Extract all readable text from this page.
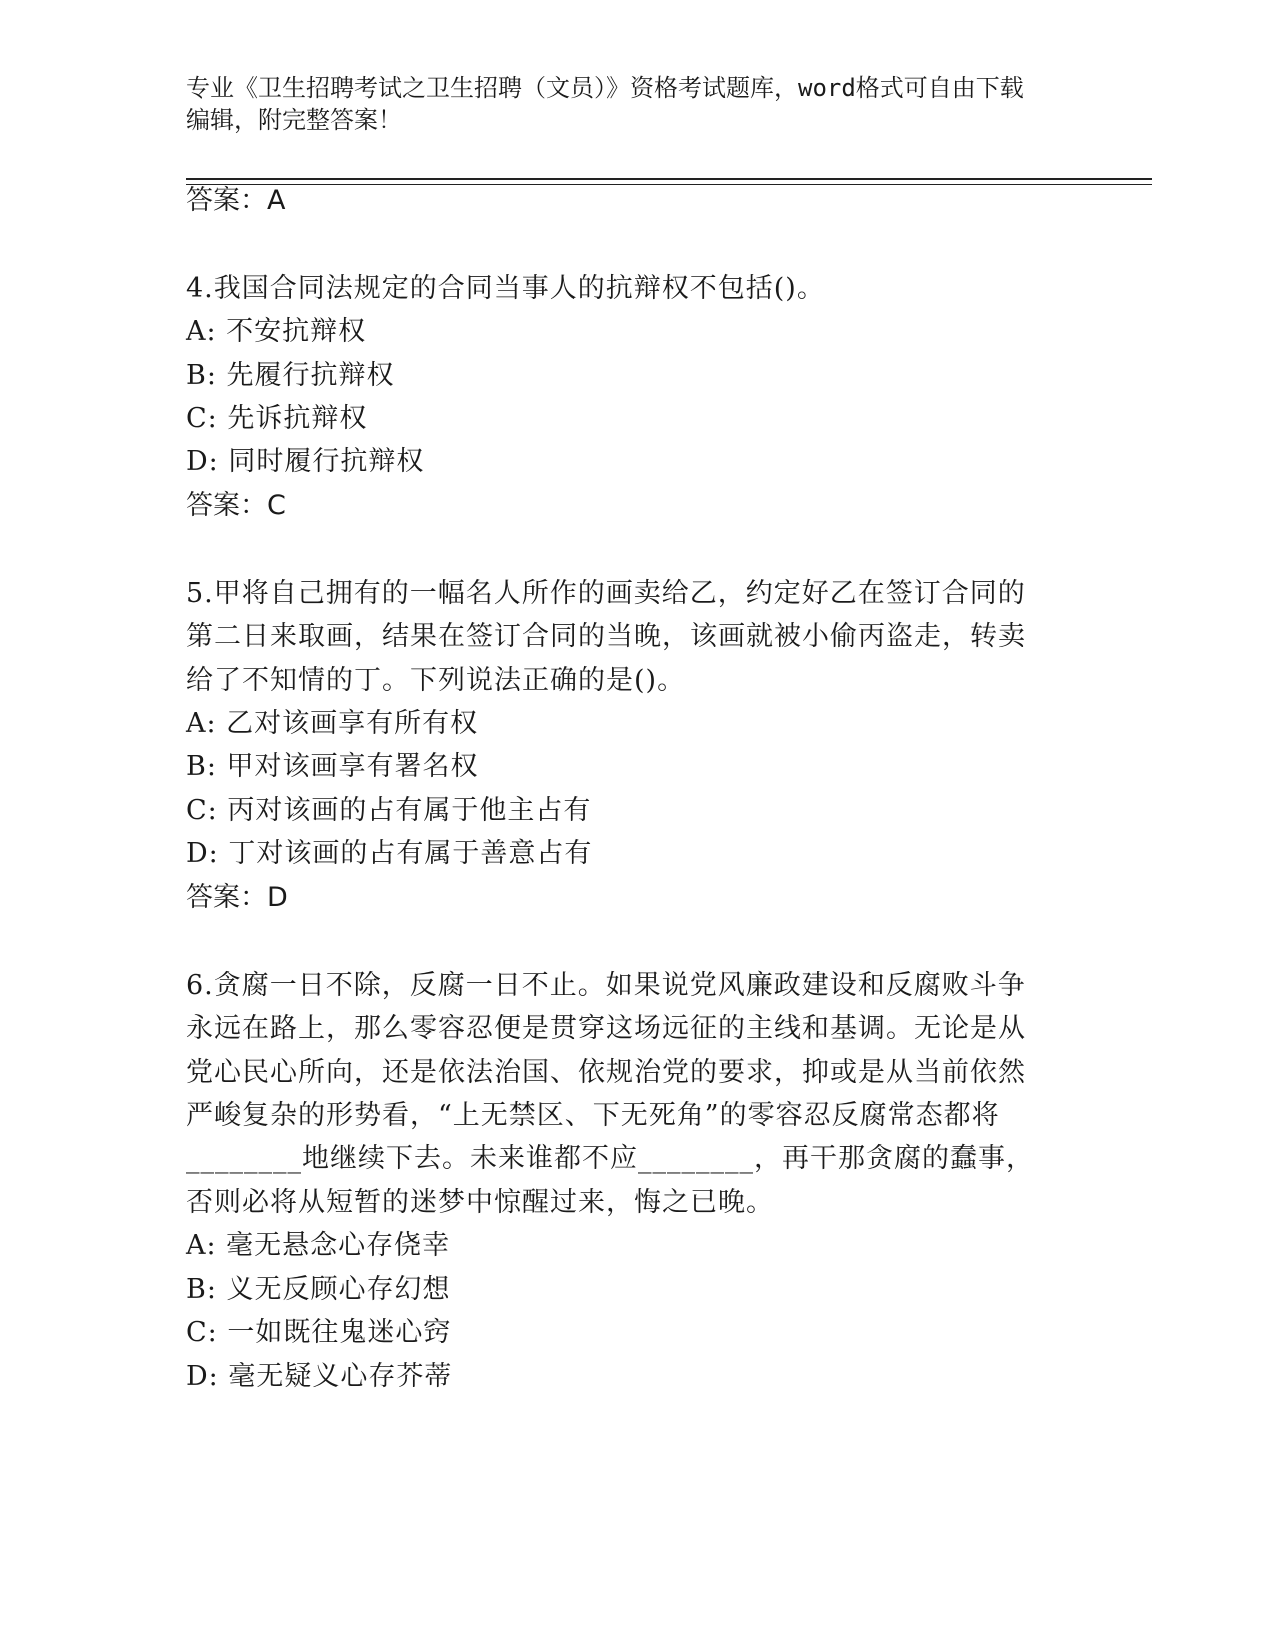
专业《卫生招聘考试之卫生招聘（文员）》资格考试题库，word格式可自由下载
编辑，附完整答案！
答案：A
4.我国合同法规定的合同当事人的抗辩权不包括()。
A: 不安抗辩权
B: 先履行抗辩权
C: 先诉抗辩权
D: 同时履行抗辩权
答案：C
5.甲将自己拥有的一幅名人所作的画卖给乙，约定好乙在签订合同的
第二日来取画，结果在签订合同的当晚，该画就被小偷丙盗走，转卖
给了不知情的丁。下列说法正确的是()。
A: 乙对该画享有所有权
B: 甲对该画享有署名权
C: 丙对该画的占有属于他主占有
D: 丁对该画的占有属于善意占有
答案：D
6.贪腐一日不除，反腐一日不止。如果说党风廉政建设和反腐败斗争
永远在路上，那么零容忍便是贯穿这场远征的主线和基调。无论是从
党心民心所向，还是依法治国、依规治党的要求，抑或是从当前依然
严峻复杂的形势看，“上无禁区、下无死角”的零容忍反腐常态都将
________地继续下去。未来谁都不应________，再干那贪腐的蠢事，
否则必将从短暂的迷梦中惊醒过来，悔之已晚。
A: 毫无悬念心存侥幸
B: 义无反顾心存幻想
C: 一如既往鬼迷心窍
D: 毫无疑义心存芥蒂
